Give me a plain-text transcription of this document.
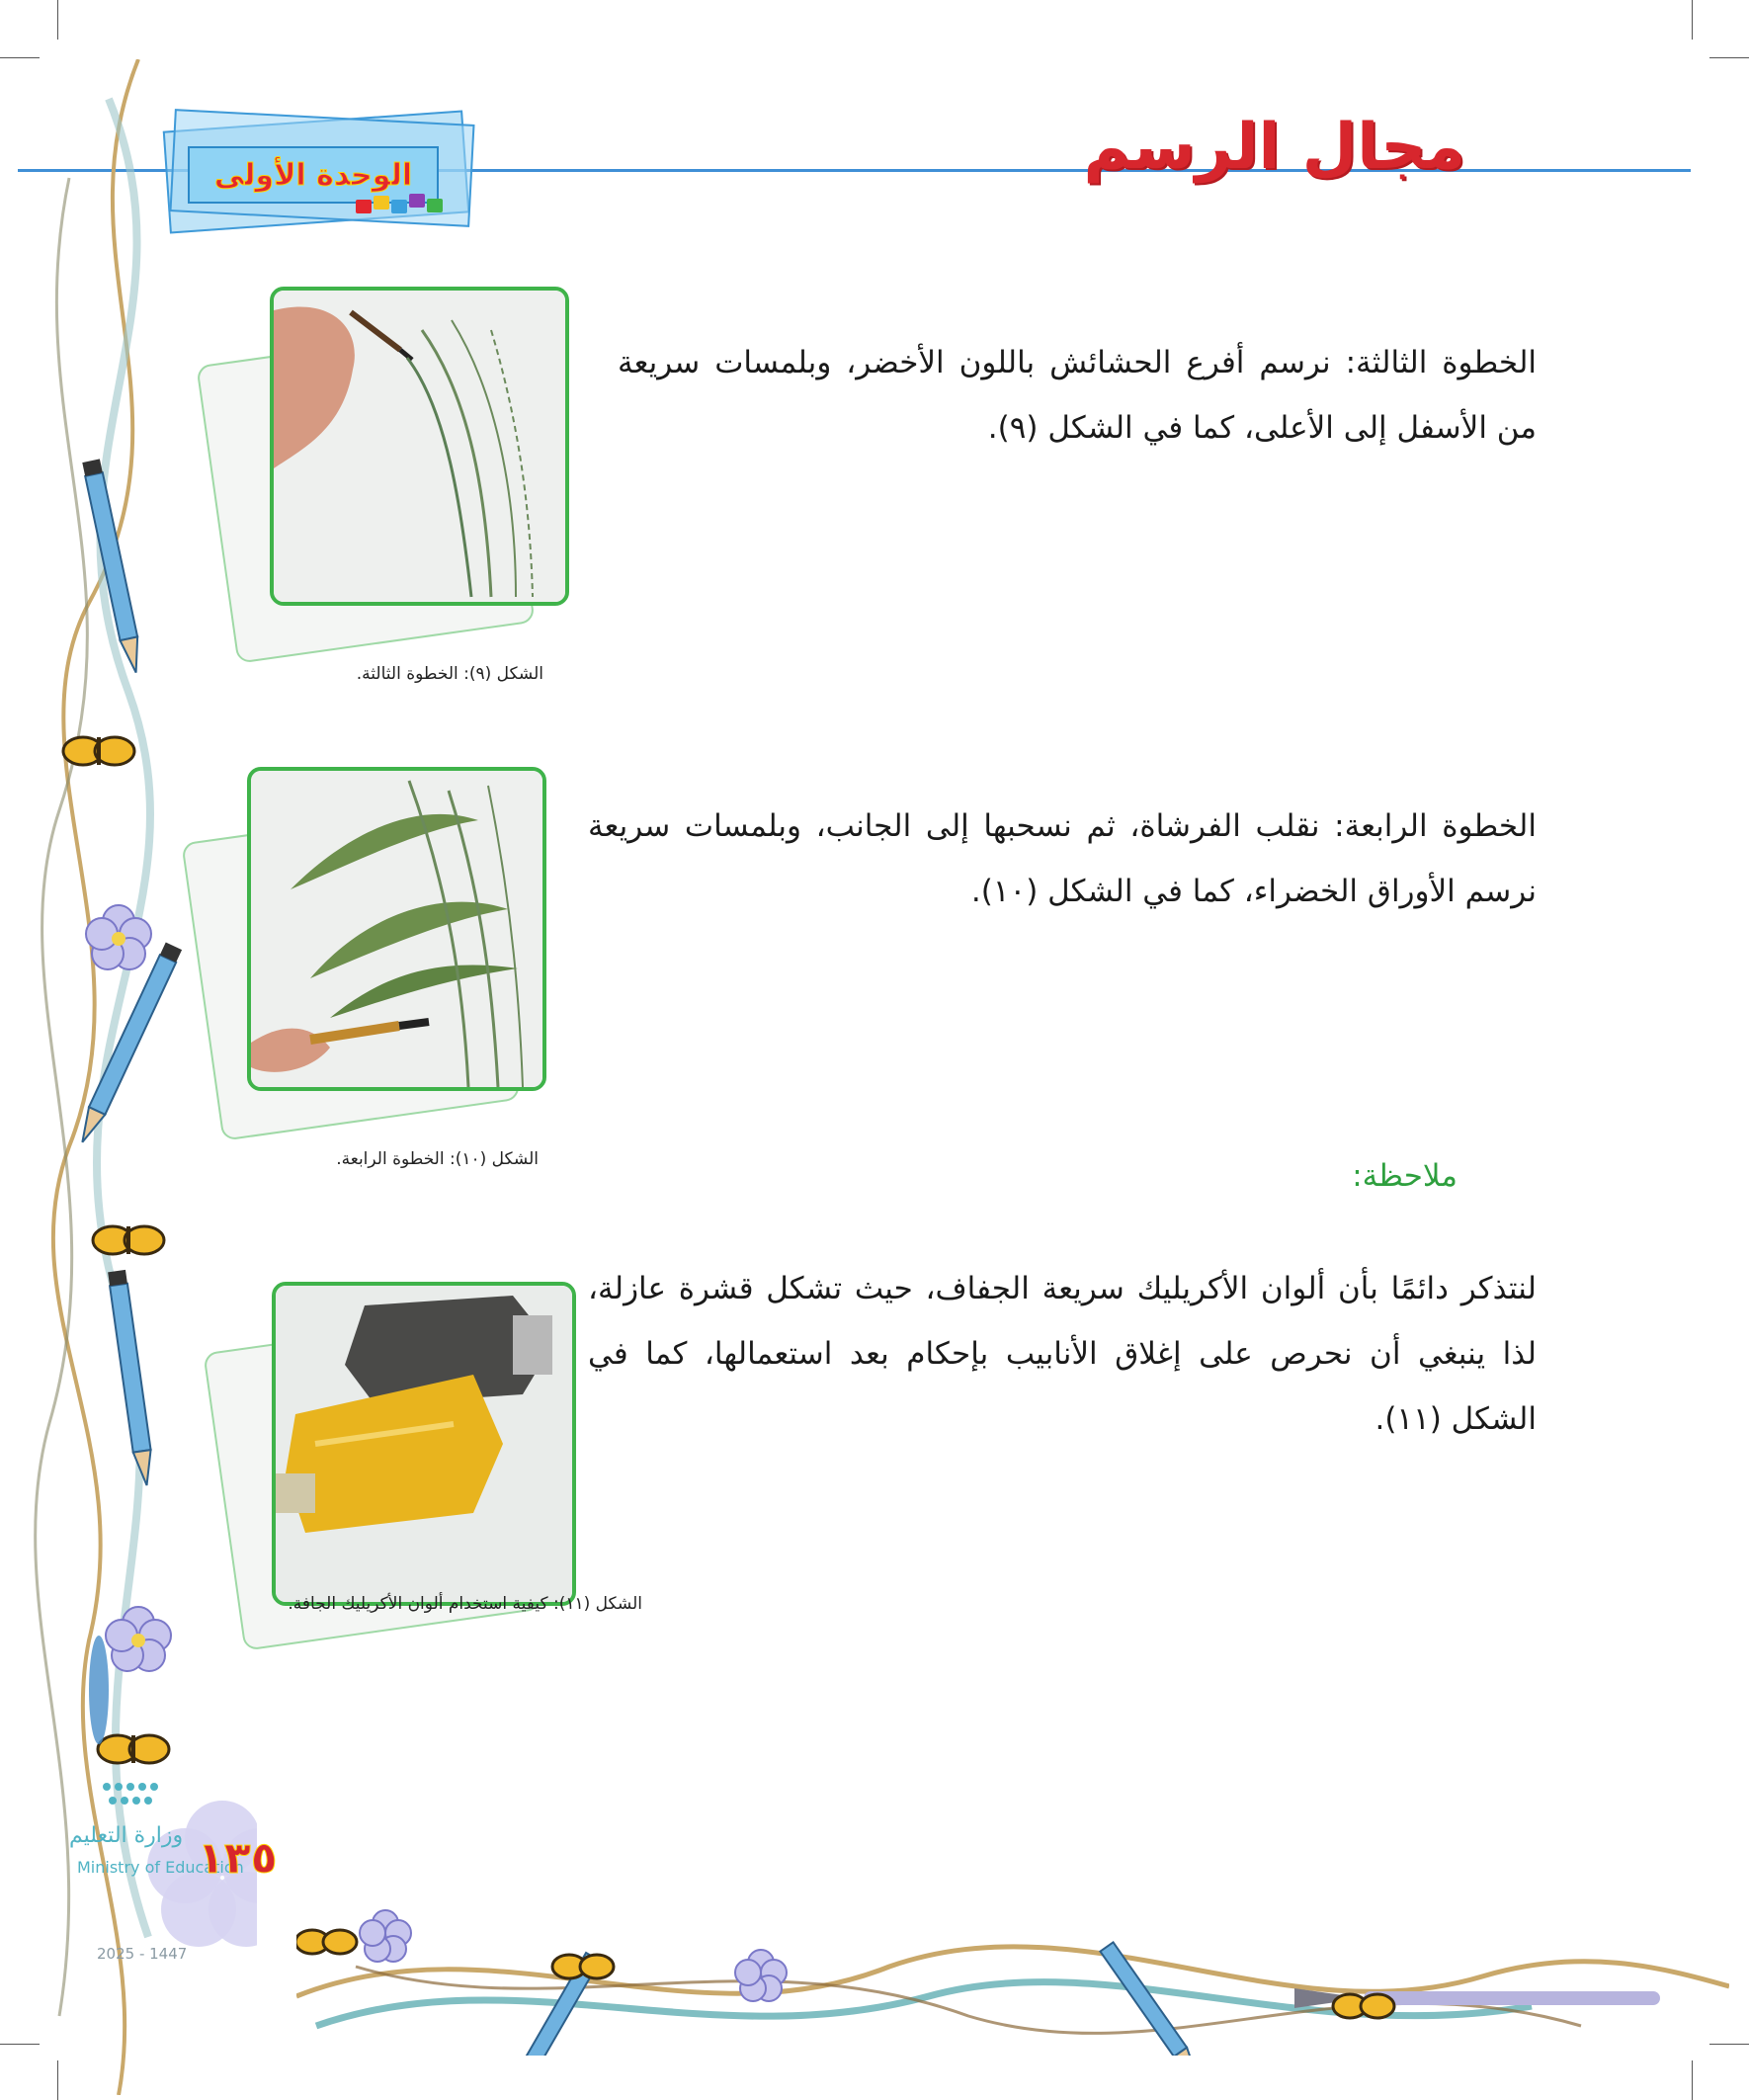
الوحدة الأولى	مجال الرسم

الخطوة الثالثة: نرسم أفرع الحشائش باللون الأخضر، وبلمسات سريعة من الأسفل إلى الأعلى، كما في الشكل (٩).

الشكل (٩): الخطوة الثالثة.

الخطوة الرابعة: نقلب الفرشاة، ثم نسحبها إلى الجانب، وبلمسات سريعة نرسم الأوراق الخضراء، كما في الشكل (١٠).

الشكل (١٠): الخطوة الرابعة.	ملاحظة:

لنتذكر دائمًا بأن ألوان الأكريليك سريعة الجفاف، حيث تشكل قشرة عازلة، لذا ينبغي أن نحرص على إغلاق الأنابيب بإحكام بعد استعمالها، كما في الشكل (١١).

الشكل (١١): كيفية استخدام ألوان الأكريليك الجافة.
وزارة التعليم
Ministry of Education
١٣٥
2025 - 1447
